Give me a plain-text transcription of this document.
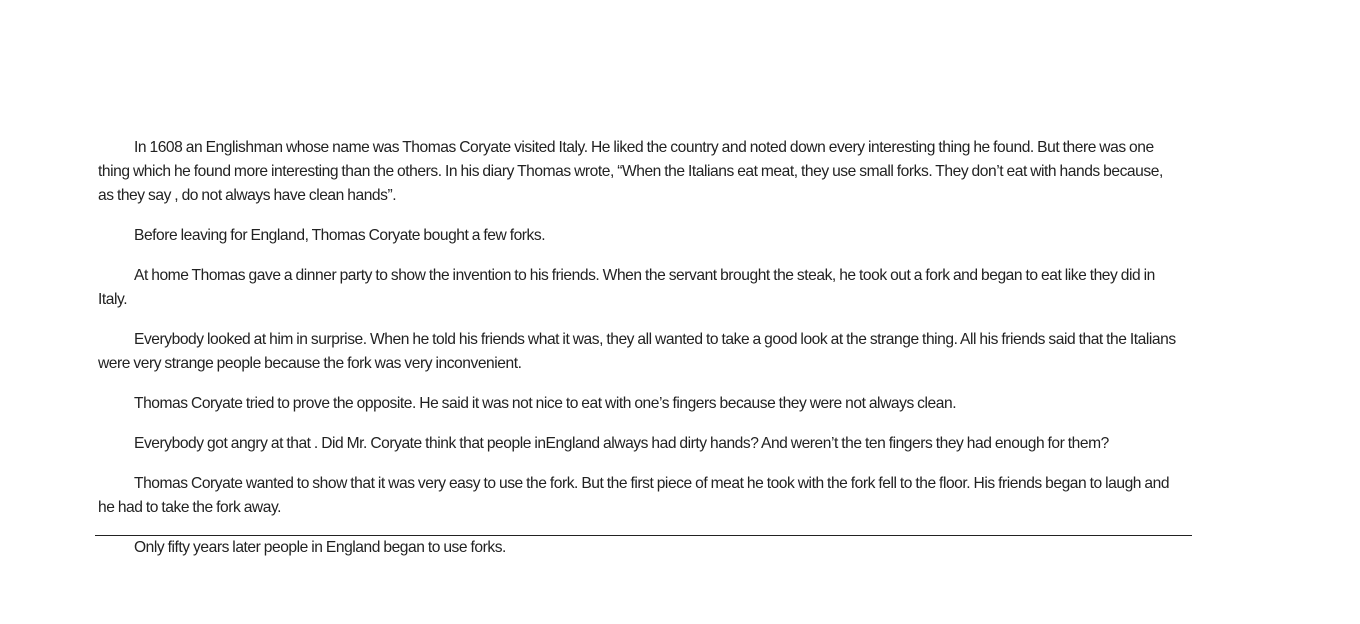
In 1608 an Englishman whose name was Thomas Coryate visited Italy. He liked the country and noted down every interesting thing he found. But there was one thing which he found more interesting than the others. In his diary Thomas wrote, “When the Italians eat meat, they use small forks. They don’t eat with hands because, as they say , do not always have clean hands”.

Before leaving for England, Thomas Coryate bought a few forks.

At home Thomas gave a dinner party to show the invention to his friends. When the servant brought the steak, he took out a fork and began to eat like they did in Italy.

Everybody looked at him in surprise. When he told his friends what it was, they all wanted to take a good look at the strange thing. All his friends said that the Italians were very strange people because the fork was very inconvenient.

Thomas Coryate tried to prove the opposite. He said it was not nice to eat with one’s fingers because they were not always clean.

Everybody got angry at that . Did Mr. Coryate think that people inEngland always had dirty hands? And weren’t the ten fingers they had enough for them?

Thomas Coryate wanted to show that it was very easy to use the fork. But the first piece of meat he took with the fork fell to the floor. His friends began to laugh and he had to take the fork away.

Only fifty years later people in England began to use forks.
